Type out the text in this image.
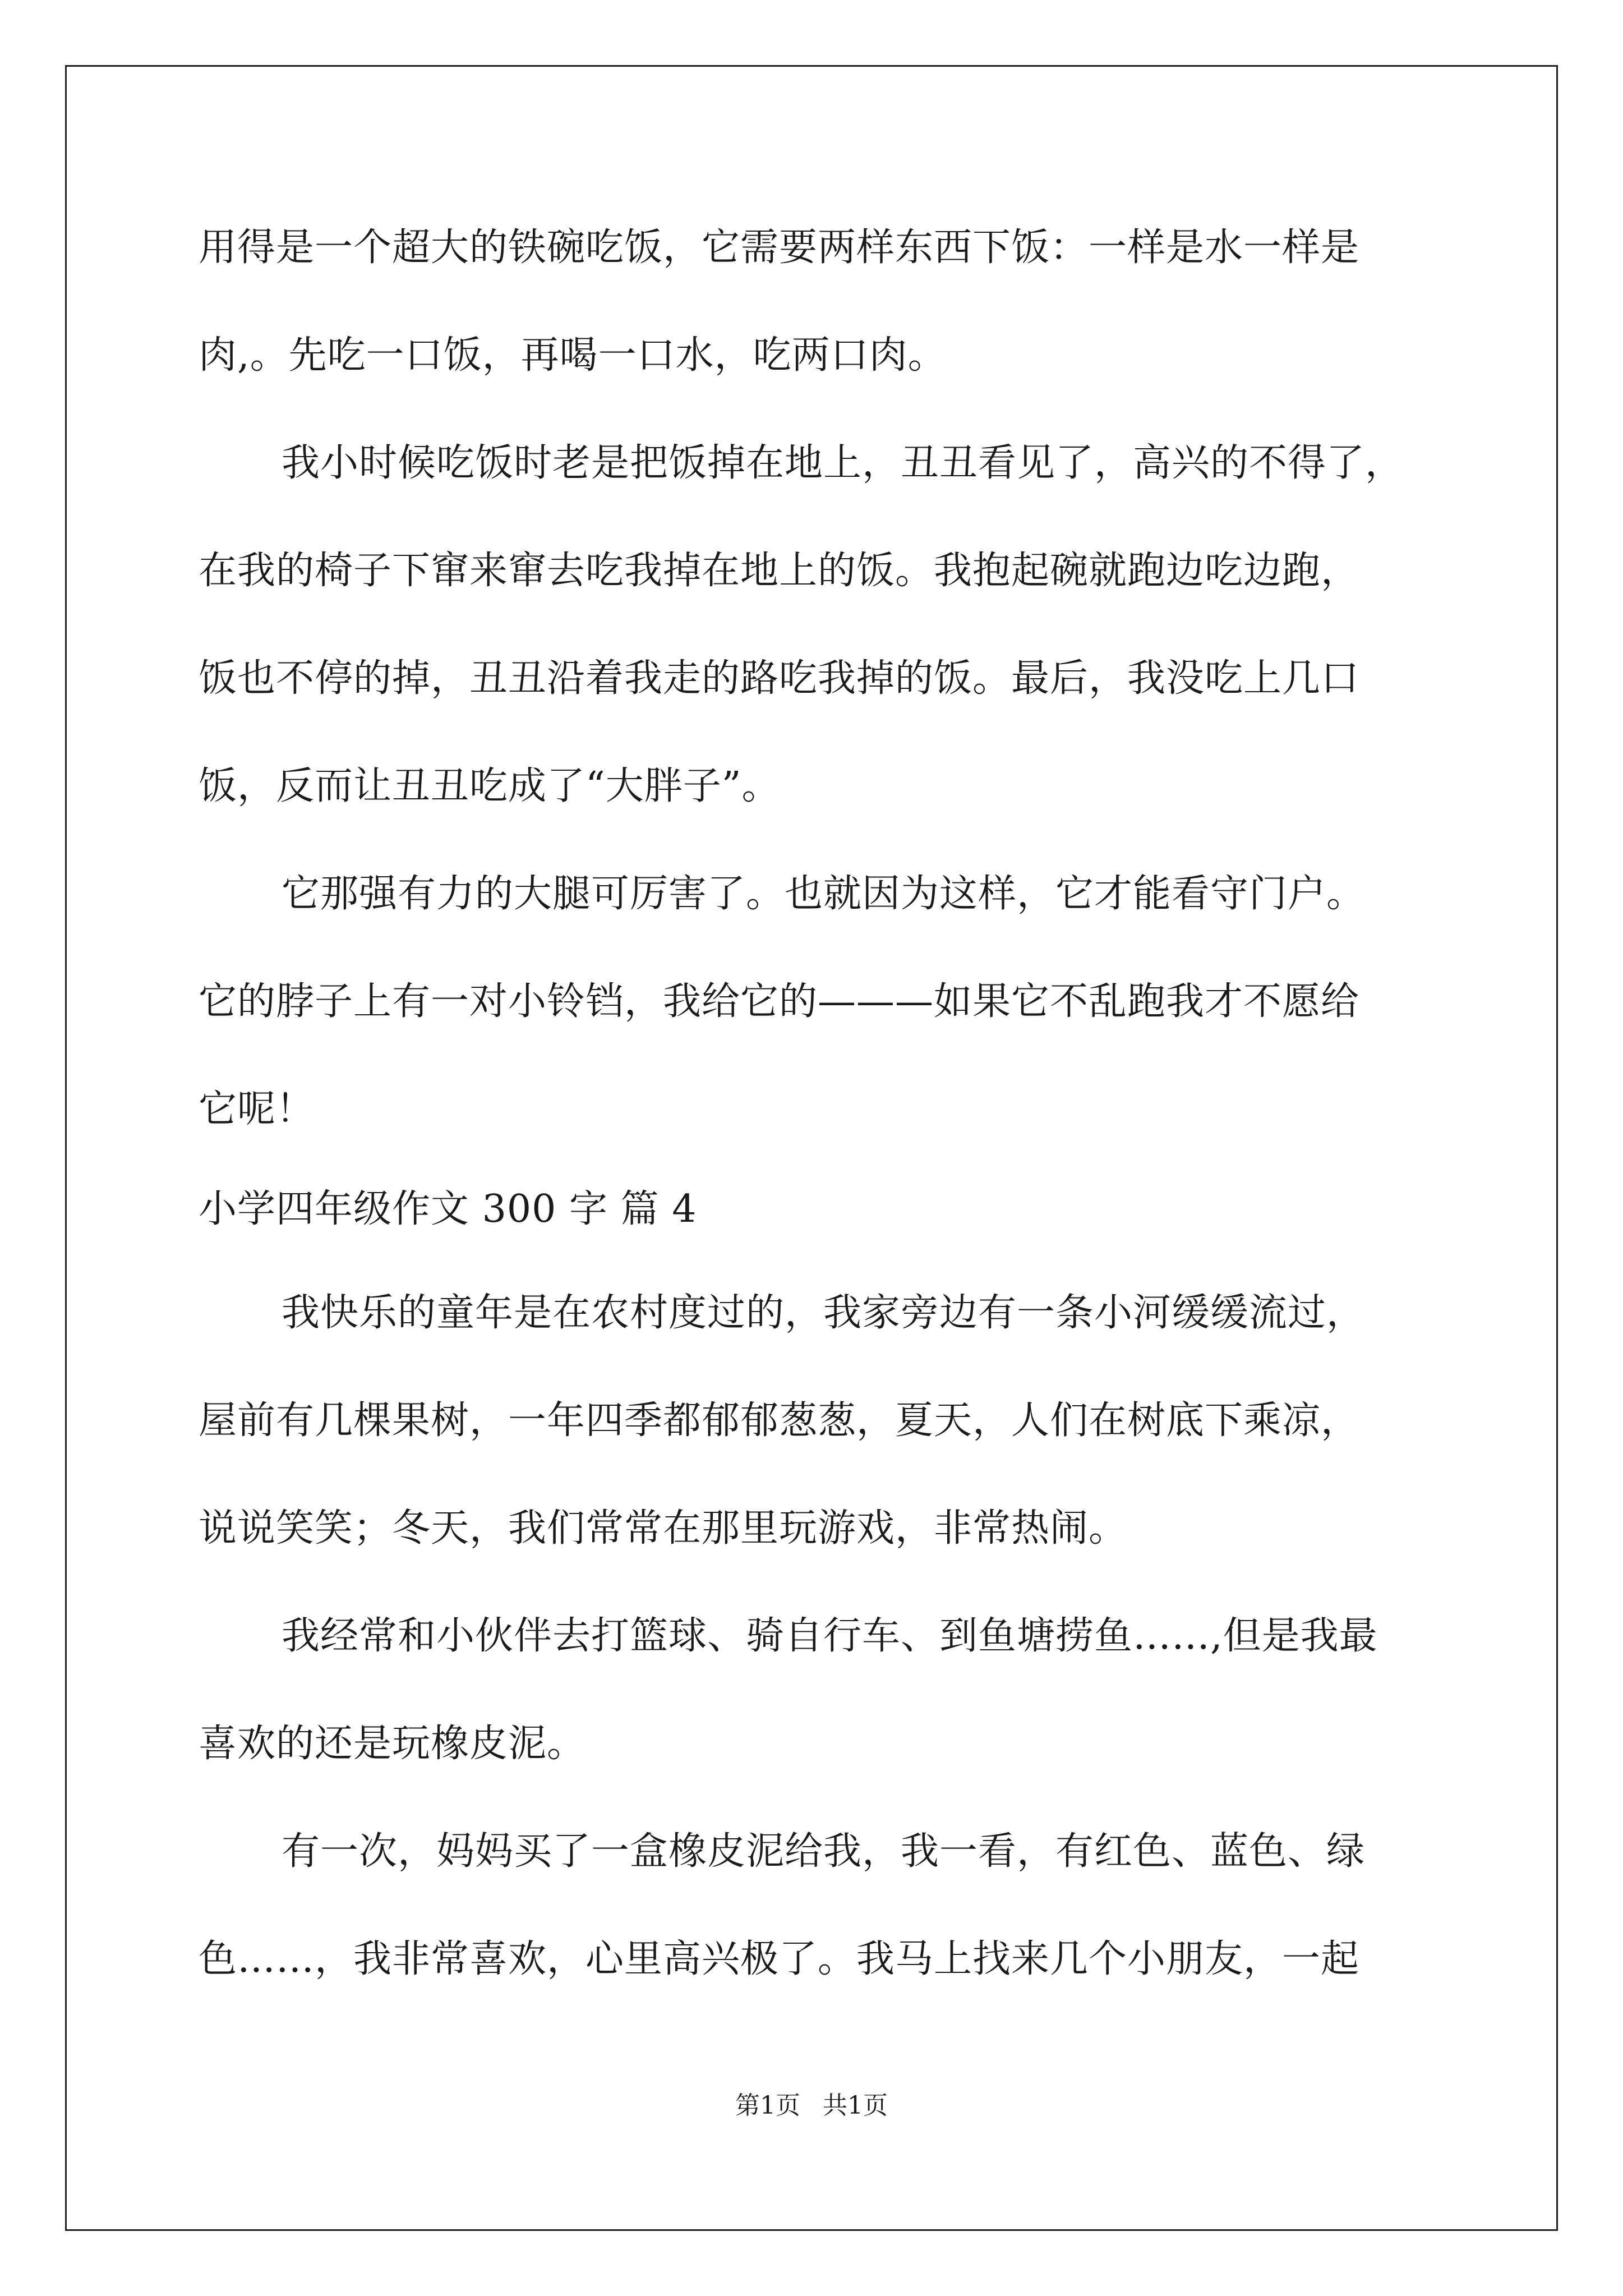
用得是一个超大的铁碗吃饭，它需要两样东西下饭：一样是水一样是
肉,。先吃一口饭，再喝一口水，吃两口肉。
我小时候吃饭时老是把饭掉在地上，丑丑看见了，高兴的不得了，
在我的椅子下窜来窜去吃我掉在地上的饭。我抱起碗就跑边吃边跑，
饭也不停的掉，丑丑沿着我走的路吃我掉的饭。最后，我没吃上几口
饭，反而让丑丑吃成了“大胖子”。
它那强有力的大腿可厉害了。也就因为这样，它才能看守门户。
它的脖子上有一对小铃铛，我给它的———如果它不乱跑我才不愿给
它呢！
小学四年级作文 300 字 篇 4
我快乐的童年是在农村度过的，我家旁边有一条小河缓缓流过，
屋前有几棵果树，一年四季都郁郁葱葱，夏天，人们在树底下乘凉，
说说笑笑；冬天，我们常常在那里玩游戏，非常热闹。
我经常和小伙伴去打篮球、骑自行车、到鱼塘捞鱼……,但是我最
喜欢的还是玩橡皮泥。
有一次，妈妈买了一盒橡皮泥给我，我一看，有红色、蓝色、绿
色……，我非常喜欢，心里高兴极了。我马上找来几个小朋友，一起
第1页 共1页
